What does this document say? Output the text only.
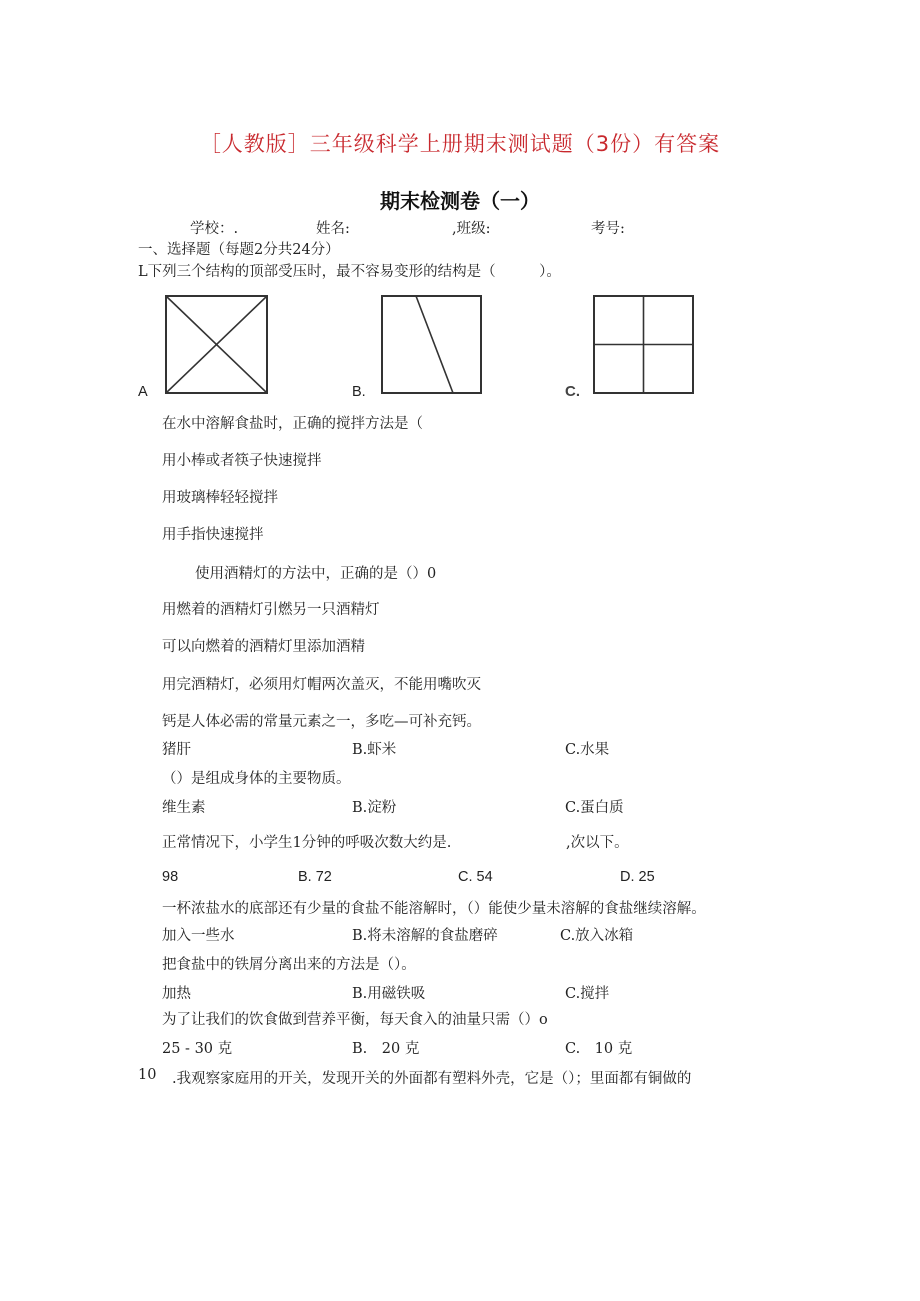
［人教版］三年级科学上册期末测试题（3份）有答案
期末检测卷（一）
学校：.	姓名:	,班级:	考号:
一、选择题（每题2分共24分）
L下列三个结构的顶部受压时，最不容易变形的结构是（　　　）。
A	B.	C.
在水中溶解食盐时，正确的搅拌方法是（
用小棒或者筷子快速搅拌
用玻璃棒轻轻搅拌
用手指快速搅拌
使用酒精灯的方法中，正确的是（）0
用燃着的酒精灯引燃另一只酒精灯
可以向燃着的酒精灯里添加酒精
用完酒精灯，必须用灯帽两次盖灭，不能用嘴吹灭
钙是人体必需的常量元素之一，多吃—可补充钙。
猪肝	B.虾米	C.水果
（）是组成身体的主要物质。
维生素	B.淀粉	C.蛋白质
正常情况下，小学生1分钟的呼吸次数大约是.	,次以下。
98	B. 72	C. 54	D. 25
一杯浓盐水的底部还有少量的食盐不能溶解时，（）能使少量未溶解的食盐继续溶解。
加入一些水	B.将未溶解的食盐磨碎	C.放入冰箱
把食盐中的铁屑分离出来的方法是（）。
加热	B.用磁铁吸	C.搅拌
为了让我们的饮食做到营养平衡，每天食入的油量只需（）o
25 - 30 克	B.　20 克	C.　10 克
10 .我观察家庭用的开关，发现开关的外面都有塑料外壳，它是（）；里面都有铜做的
